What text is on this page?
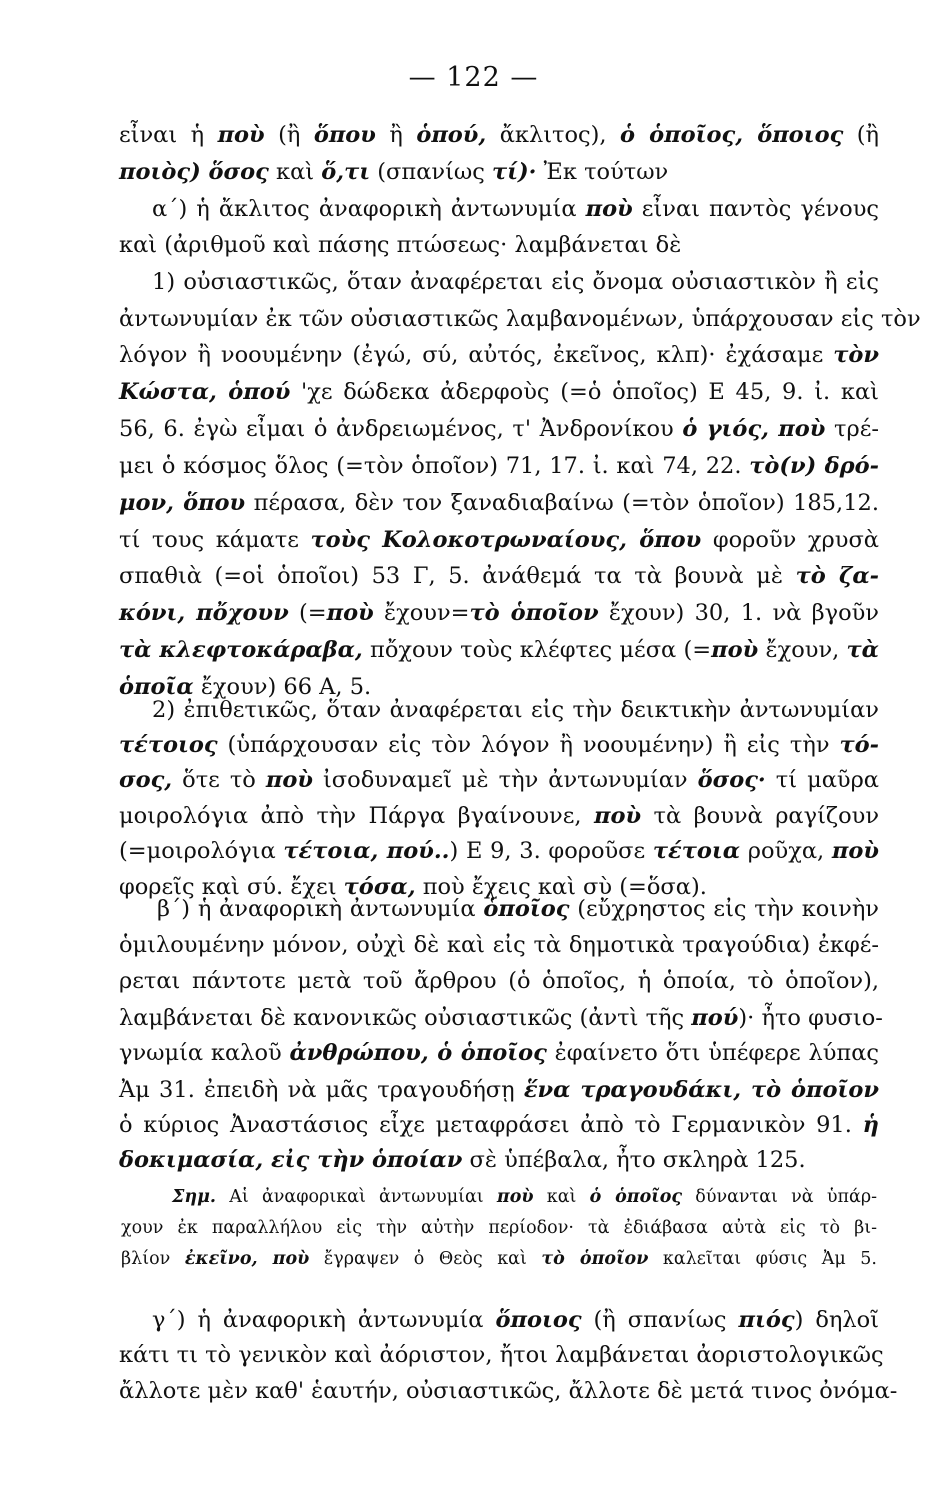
— 122 —
εἶναι ἡ ποὺ (ἢ ὅπου ἢ ὁπού, ἄκλιτος), ὁ ὁποῖος, ὅποιος (ἢ
ποιὸς) ὅσος καὶ ὅ,τι (σπανίως τί)· Ἐκ τούτων
α΄) ἡ ἄκλιτος ἀναφορικὴ ἀντωνυμία ποὺ εἶναι παντὸς γένους
καὶ (ἀριθμοῦ καὶ πάσης πτώσεως· λαμβάνεται δὲ
1) οὐσιαστικῶς, ὅταν ἀναφέρεται εἰς ὄνομα οὐσιαστικὸν ἢ εἰς
ἀντωνυμίαν ἐκ τῶν οὐσιαστικῶς λαμβανομένων, ὑπάρχουσαν εἰς τὸν
λόγον ἢ νοουμένην (ἐγώ, σύ, αὐτός, ἐκεῖνος, κλπ)· ἐχάσαμε τὸν
Κώστα, ὁπού 'χε δώδεκα ἀδερφοὺς (=ὁ ὁποῖος) Ε 45, 9. ἰ. καὶ
56, 6. ἐγὼ εἶμαι ὁ ἀνδρειωμένος, τ' Ἀνδρονίκου ὁ γιός, ποὺ τρέ-
μει ὁ κόσμος ὅλος (=τὸν ὁποῖον) 71, 17. ἰ. καὶ 74, 22. τὸ(ν) δρό-
μον, ὅπου πέρασα, δὲν τον ξαναδιαβαίνω (=τὸν ὁποῖον) 185,12.
τί τους κάματε τοὺς Κολοκοτρωναίους, ὅπου φοροῦν χρυσὰ
σπαθιὰ (=οἱ ὁποῖοι) 53 Γ, 5. ἀνάθεμά τα τὰ βουνὰ μὲ τὸ ζα-
κόνι, πὄχουν (=ποὺ ἔχουν=τὸ ὁποῖον ἔχουν) 30, 1. νὰ βγοῦν
τὰ κλεφτοκάραβα, πὄχουν τοὺς κλέφτες μέσα (=ποὺ ἔχουν, τὰ
ὁποῖα ἔχουν) 66 Α, 5.
2) ἐπιθετικῶς, ὅταν ἀναφέρεται εἰς τὴν δεικτικὴν ἀντωνυμίαν
τέτοιος (ὑπάρχουσαν εἰς τὸν λόγον ἢ νοουμένην) ἢ εἰς τὴν τό-
σος, ὅτε τὸ ποὺ ἰσοδυναμεῖ μὲ τὴν ἀντωνυμίαν ὅσος· τί μαῦρα
μοιρολόγια ἀπὸ τὴν Πάργα βγαίνουνε, ποὺ τὰ βουνὰ ραγίζουν
(=μοιρολόγια τέτοια, πού..) Ε 9, 3. φοροῦσε τέτοια ροῦχα, ποὺ
φορεῖς καὶ σύ. ἔχει τόσα, ποὺ ἔχεις καὶ σὺ (=ὅσα).
β΄) ἡ ἀναφορικὴ ἀντωνυμία ὁποῖος (εὔχρηστος εἰς τὴν κοινὴν
ὁμιλουμένην μόνον, οὐχὶ δὲ καὶ εἰς τὰ δημοτικὰ τραγούδια) ἐκφέ-
ρεται πάντοτε μετὰ τοῦ ἄρθρου (ὁ ὁποῖος, ἡ ὁποία, τὸ ὁποῖον),
λαμβάνεται δὲ κανονικῶς οὐσιαστικῶς (ἀντὶ τῆς πού)· ἦτο φυσιο-
γνωμία καλοῦ ἀνθρώπου, ὁ ὁποῖος ἐφαίνετο ὅτι ὑπέφερε λύπας
Ἀμ 31. ἐπειδὴ νὰ μᾶς τραγουδήσῃ ἕνα τραγουδάκι, τὸ ὁποῖον
ὁ κύριος Ἀναστάσιος εἶχε μεταφράσει ἀπὸ τὸ Γερμανικὸν 91. ἡ
δοκιμασία, εἰς τὴν ὁποίαν σὲ ὑπέβαλα, ἦτο σκληρὰ 125.
Σημ. Αἱ ἀναφορικαὶ ἀντωνυμίαι ποὺ καὶ ὁ ὁποῖος δύνανται νὰ ὑπάρ-
χουν ἐκ παραλλήλου εἰς τὴν αὐτὴν περίοδον· τὰ ἐδιάβασα αὐτὰ εἰς τὸ βι-
βλίον ἐκεῖνο, ποὺ ἔγραψεν ὁ Θεὸς καὶ τὸ ὁποῖον καλεῖται φύσις Ἀμ 5.
γ΄) ἡ ἀναφορικὴ ἀντωνυμία ὅποιος (ἢ σπανίως πιός) δηλοῖ
κάτι τι τὸ γενικὸν καὶ ἀόριστον, ἤτοι λαμβάνεται ἀοριστολογικῶς
ἄλλοτε μὲν καθ' ἑαυτήν, οὐσιαστικῶς, ἄλλοτε δὲ μετά τινος ὀνόμα-
